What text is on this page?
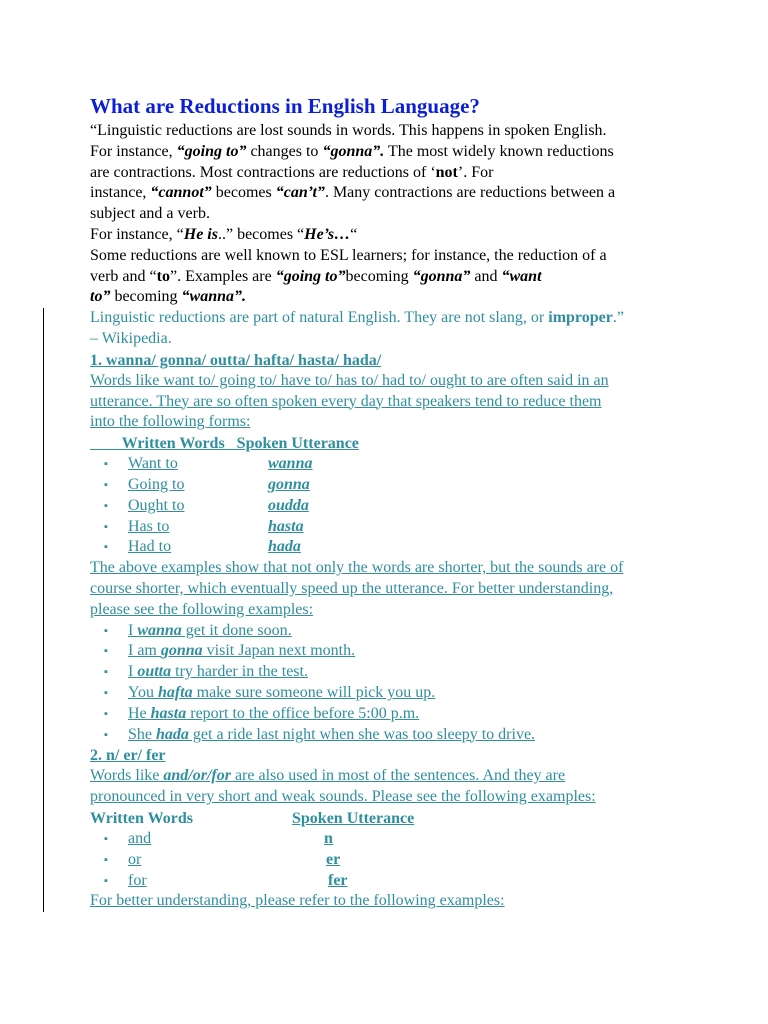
What are Reductions in English Language?

“Linguistic reductions are lost sounds in words. This happens in spoken English.

For instance, “going to” changes to “gonna”. The most widely known reductions

are contractions. Most contractions are reductions of ‘not’. For

instance, “cannot” becomes “can’t”. Many contractions are reductions between a

subject and a verb.

For instance, “He is..” becomes “He’s…“

Some reductions are well known to ESL learners; for instance, the reduction of a

verb and “to”. Examples are “going to”becoming “gonna” and “want

to” becoming “wanna”.

Linguistic reductions are part of natural English. They are not slang, or improper.”

– Wikipedia.

1. wanna/ gonna/ outta/ hafta/ hasta/ hada/

Words like want to/ going to/ have to/ has to/ had to/ ought to are often said in an

utterance. They are so often spoken every day that speakers tend to reduce them

into the following forms:

Written Words   Spoken Utterance
▪ Want to	wanna
▪ Going to	gonna
▪ Ought to	oudda
▪ Has to	hasta
▪ Had to	hada

The above examples show that not only the words are shorter, but the sounds are of

course shorter, which eventually speed up the utterance. For better understanding,

please see the following examples:

▪ I wanna get it done soon.
▪ I am gonna visit Japan next month.
▪ I outta try harder in the test.
▪ You hafta make sure someone will pick you up.
▪ He hasta report to the office before 5:00 p.m.
▪ She hada get a ride last night when she was too sleepy to drive.
2. n/ er/ fer

Words like and/or/for are also used in most of the sentences. And they are

pronounced in very short and weak sounds. Please see the following examples:

Written Words	Spoken Utterance
▪ and	n
▪ or	er
▪ for	fer

For better understanding, please refer to the following examples:
